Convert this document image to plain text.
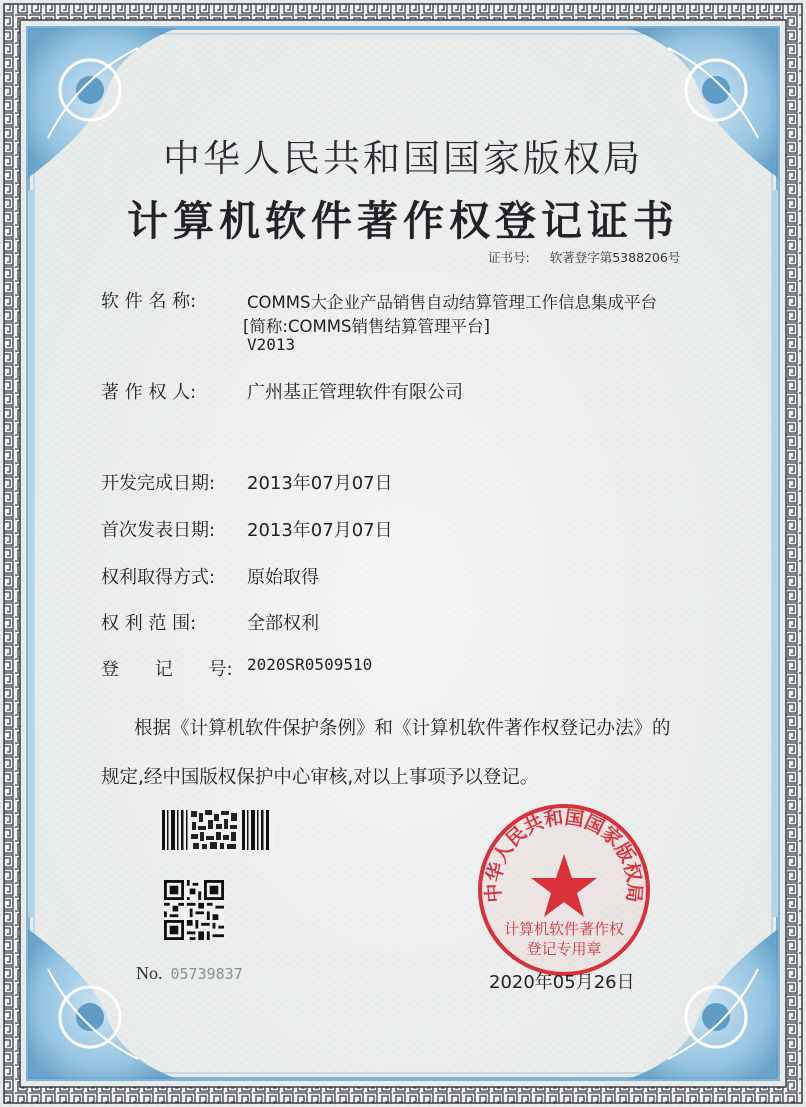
中华人民共和国国家版权局
计算机软件著作权登记证书
证书号: 软著登字第5388206号
软 件 名 称:	COMMS大企业产品销售自动结算管理工作信息集成平台
[简称:COMMS销售结算管理平台]
V2013
著 作 权 人:	广州基正管理软件有限公司
开发完成日期: 2013年07月07日
首次发表日期: 2013年07月07日
权利取得方式: 原始取得
权 利 范 围:	全部权利
登 记 号: 2020SR0509510
根据《计算机软件保护条例》和《计算机软件著作权登记办法》的
规定,经中国版权保护中心审核,对以上事项予以登记。
No. 05739837
中华人民共和国国家版权局
计算机软件著作权
登记专用章
2020年05月26日
